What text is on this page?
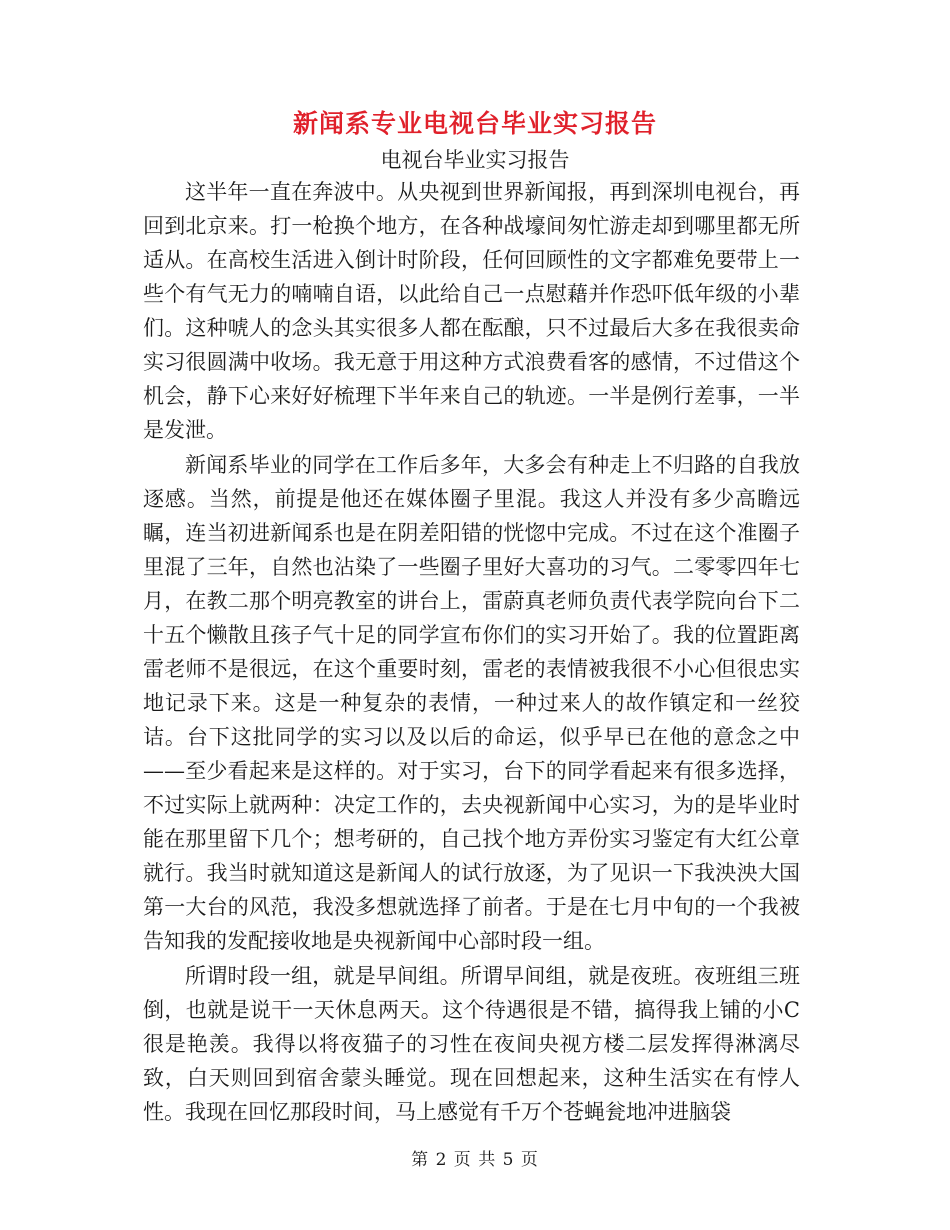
新闻系专业电视台毕业实习报告
电视台毕业实习报告

这半年一直在奔波中。从央视到世界新闻报，再到深圳电视台，再回到北京来。打一枪换个地方，在各种战壕间匆忙游走却到哪里都无所适从。在高校生活进入倒计时阶段，任何回顾性的文字都难免要带上一些个有气无力的喃喃自语，以此给自己一点慰藉并作恐吓低年级的小辈们。这种唬人的念头其实很多人都在酝酿，只不过最后大多在我很卖命实习很圆满中收场。我无意于用这种方式浪费看客的感情，不过借这个机会，静下心来好好梳理下半年来自己的轨迹。一半是例行差事，一半是发泄。

新闻系毕业的同学在工作后多年，大多会有种走上不归路的自我放逐感。当然，前提是他还在媒体圈子里混。我这人并没有多少高瞻远瞩，连当初进新闻系也是在阴差阳错的恍惚中完成。不过在这个准圈子里混了三年，自然也沾染了一些圈子里好大喜功的习气。二零零四年七月，在教二那个明亮教室的讲台上，雷蔚真老师负责代表学院向台下二十五个懒散且孩子气十足的同学宣布你们的实习开始了。我的位置距离雷老师不是很远，在这个重要时刻，雷老的表情被我很不小心但很忠实地记录下来。这是一种复杂的表情，一种过来人的故作镇定和一丝狡诘。台下这批同学的实习以及以后的命运，似乎早已在他的意念之中——至少看起来是这样的。对于实习，台下的同学看起来有很多选择，不过实际上就两种：决定工作的，去央视新闻中心实习，为的是毕业时能在那里留下几个；想考研的，自己找个地方弄份实习鉴定有大红公章就行。我当时就知道这是新闻人的试行放逐，为了见识一下我泱泱大国第一大台的风范，我没多想就选择了前者。于是在七月中旬的一个我被告知我的发配接收地是央视新闻中心部时段一组。

所谓时段一组，就是早间组。所谓早间组，就是夜班。夜班组三班倒，也就是说干一天休息两天。这个待遇很是不错，搞得我上铺的小C很是艳羡。我得以将夜猫子的习性在夜间央视方楼二层发挥得淋漓尽致，白天则回到宿舍蒙头睡觉。现在回想起来，这种生活实在有悖人性。我现在回忆那段时间，马上感觉有千万个苍蝇瓮地冲进脑袋

第 2 页 共 5 页
